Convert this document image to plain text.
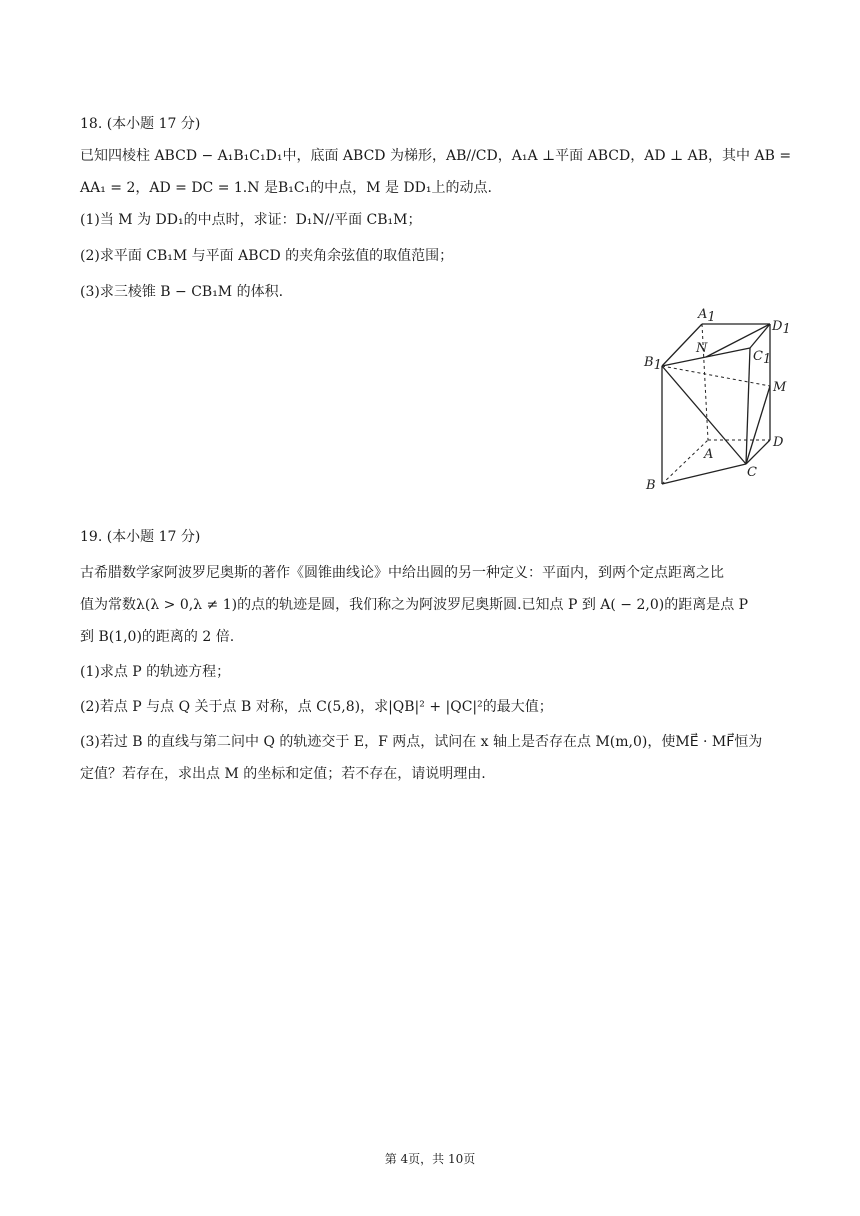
18. (本小题 17 分)
已知四棱柱 ABCD − A₁B₁C₁D₁中，底面 ABCD 为梯形，AB//CD，A₁A ⊥平面 ABCD，AD ⊥ AB，其中 AB =
AA₁ = 2，AD = DC = 1.N 是B₁C₁的中点，M 是 DD₁上的动点.
(1)当 M 为 DD₁的中点时，求证：D₁N//平面 CB₁M；
(2)求平面 CB₁M 与平面 ABCD 的夹角余弦值的取值范围；
(3)求三棱锥 B − CB₁M 的体积.
A1
D1
N
C1
B1
M
A
D
C
B
19. (本小题 17 分)
古希腊数学家阿波罗尼奥斯的著作《圆锥曲线论》中给出圆的另一种定义：平面内，到两个定点距离之比
值为常数λ(λ > 0,λ ≠ 1)的点的轨迹是圆，我们称之为阿波罗尼奥斯圆.已知点 P 到 A( − 2,0)的距离是点 P
到 B(1,0)的距离的 2 倍.
(1)求点 P 的轨迹方程；
(2)若点 P 与点 Q 关于点 B 对称，点 C(5,8)，求|QB|² + |QC|²的最大值；
(3)若过 B 的直线与第二问中 Q 的轨迹交于 E，F 两点，试问在 x 轴上是否存在点 M(m,0)，使ME⃗ · MF⃗恒为
定值？若存在，求出点 M 的坐标和定值；若不存在，请说明理由.
第 4页，共 10页
